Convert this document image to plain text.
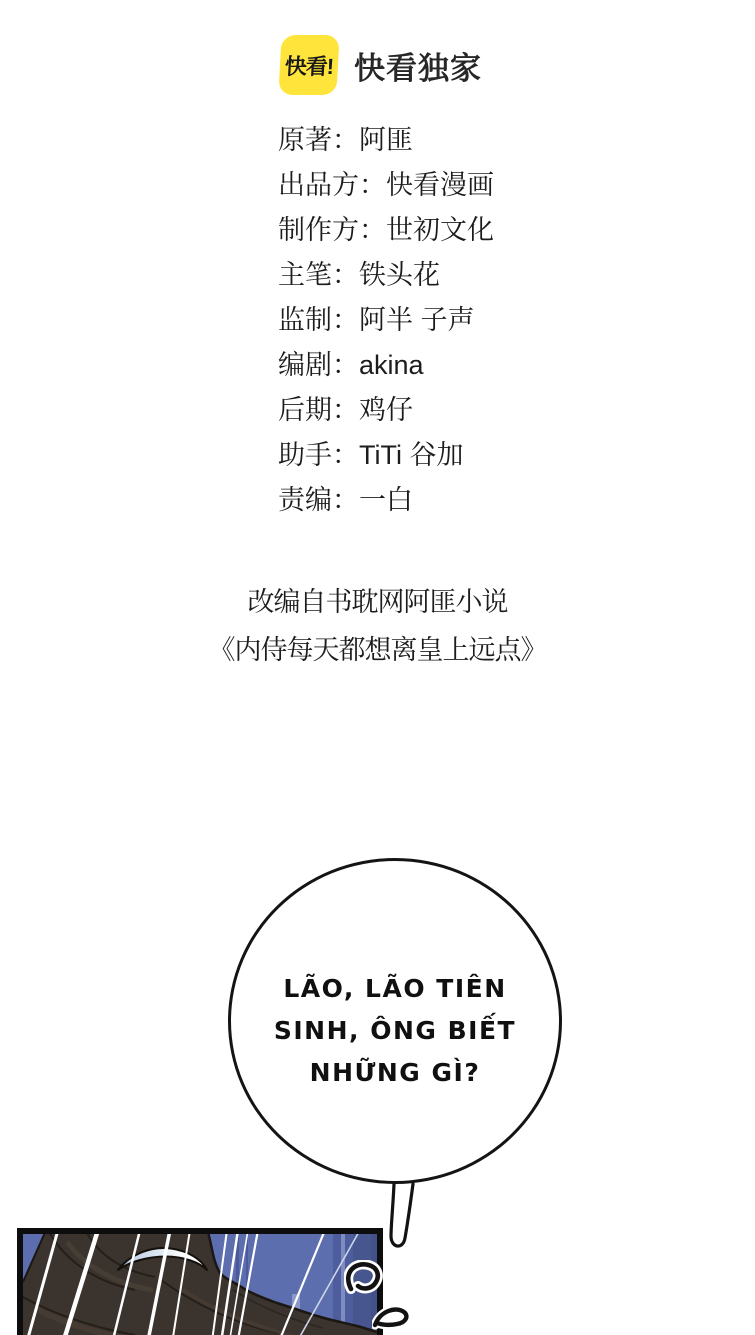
快看! 快看独家
原著：阿匪
出品方：快看漫画
制作方：世初文化
主笔：铁头花
监制：阿半 子声
编剧：akina
后期：鸡仔
助手：TiTi 谷加
责编：一白
改编自书耽网阿匪小说
《内侍每天都想离皇上远点》
LÃO, LÃO TIÊN
SINH, ÔNG BIẾT
NHỮNG GÌ?
